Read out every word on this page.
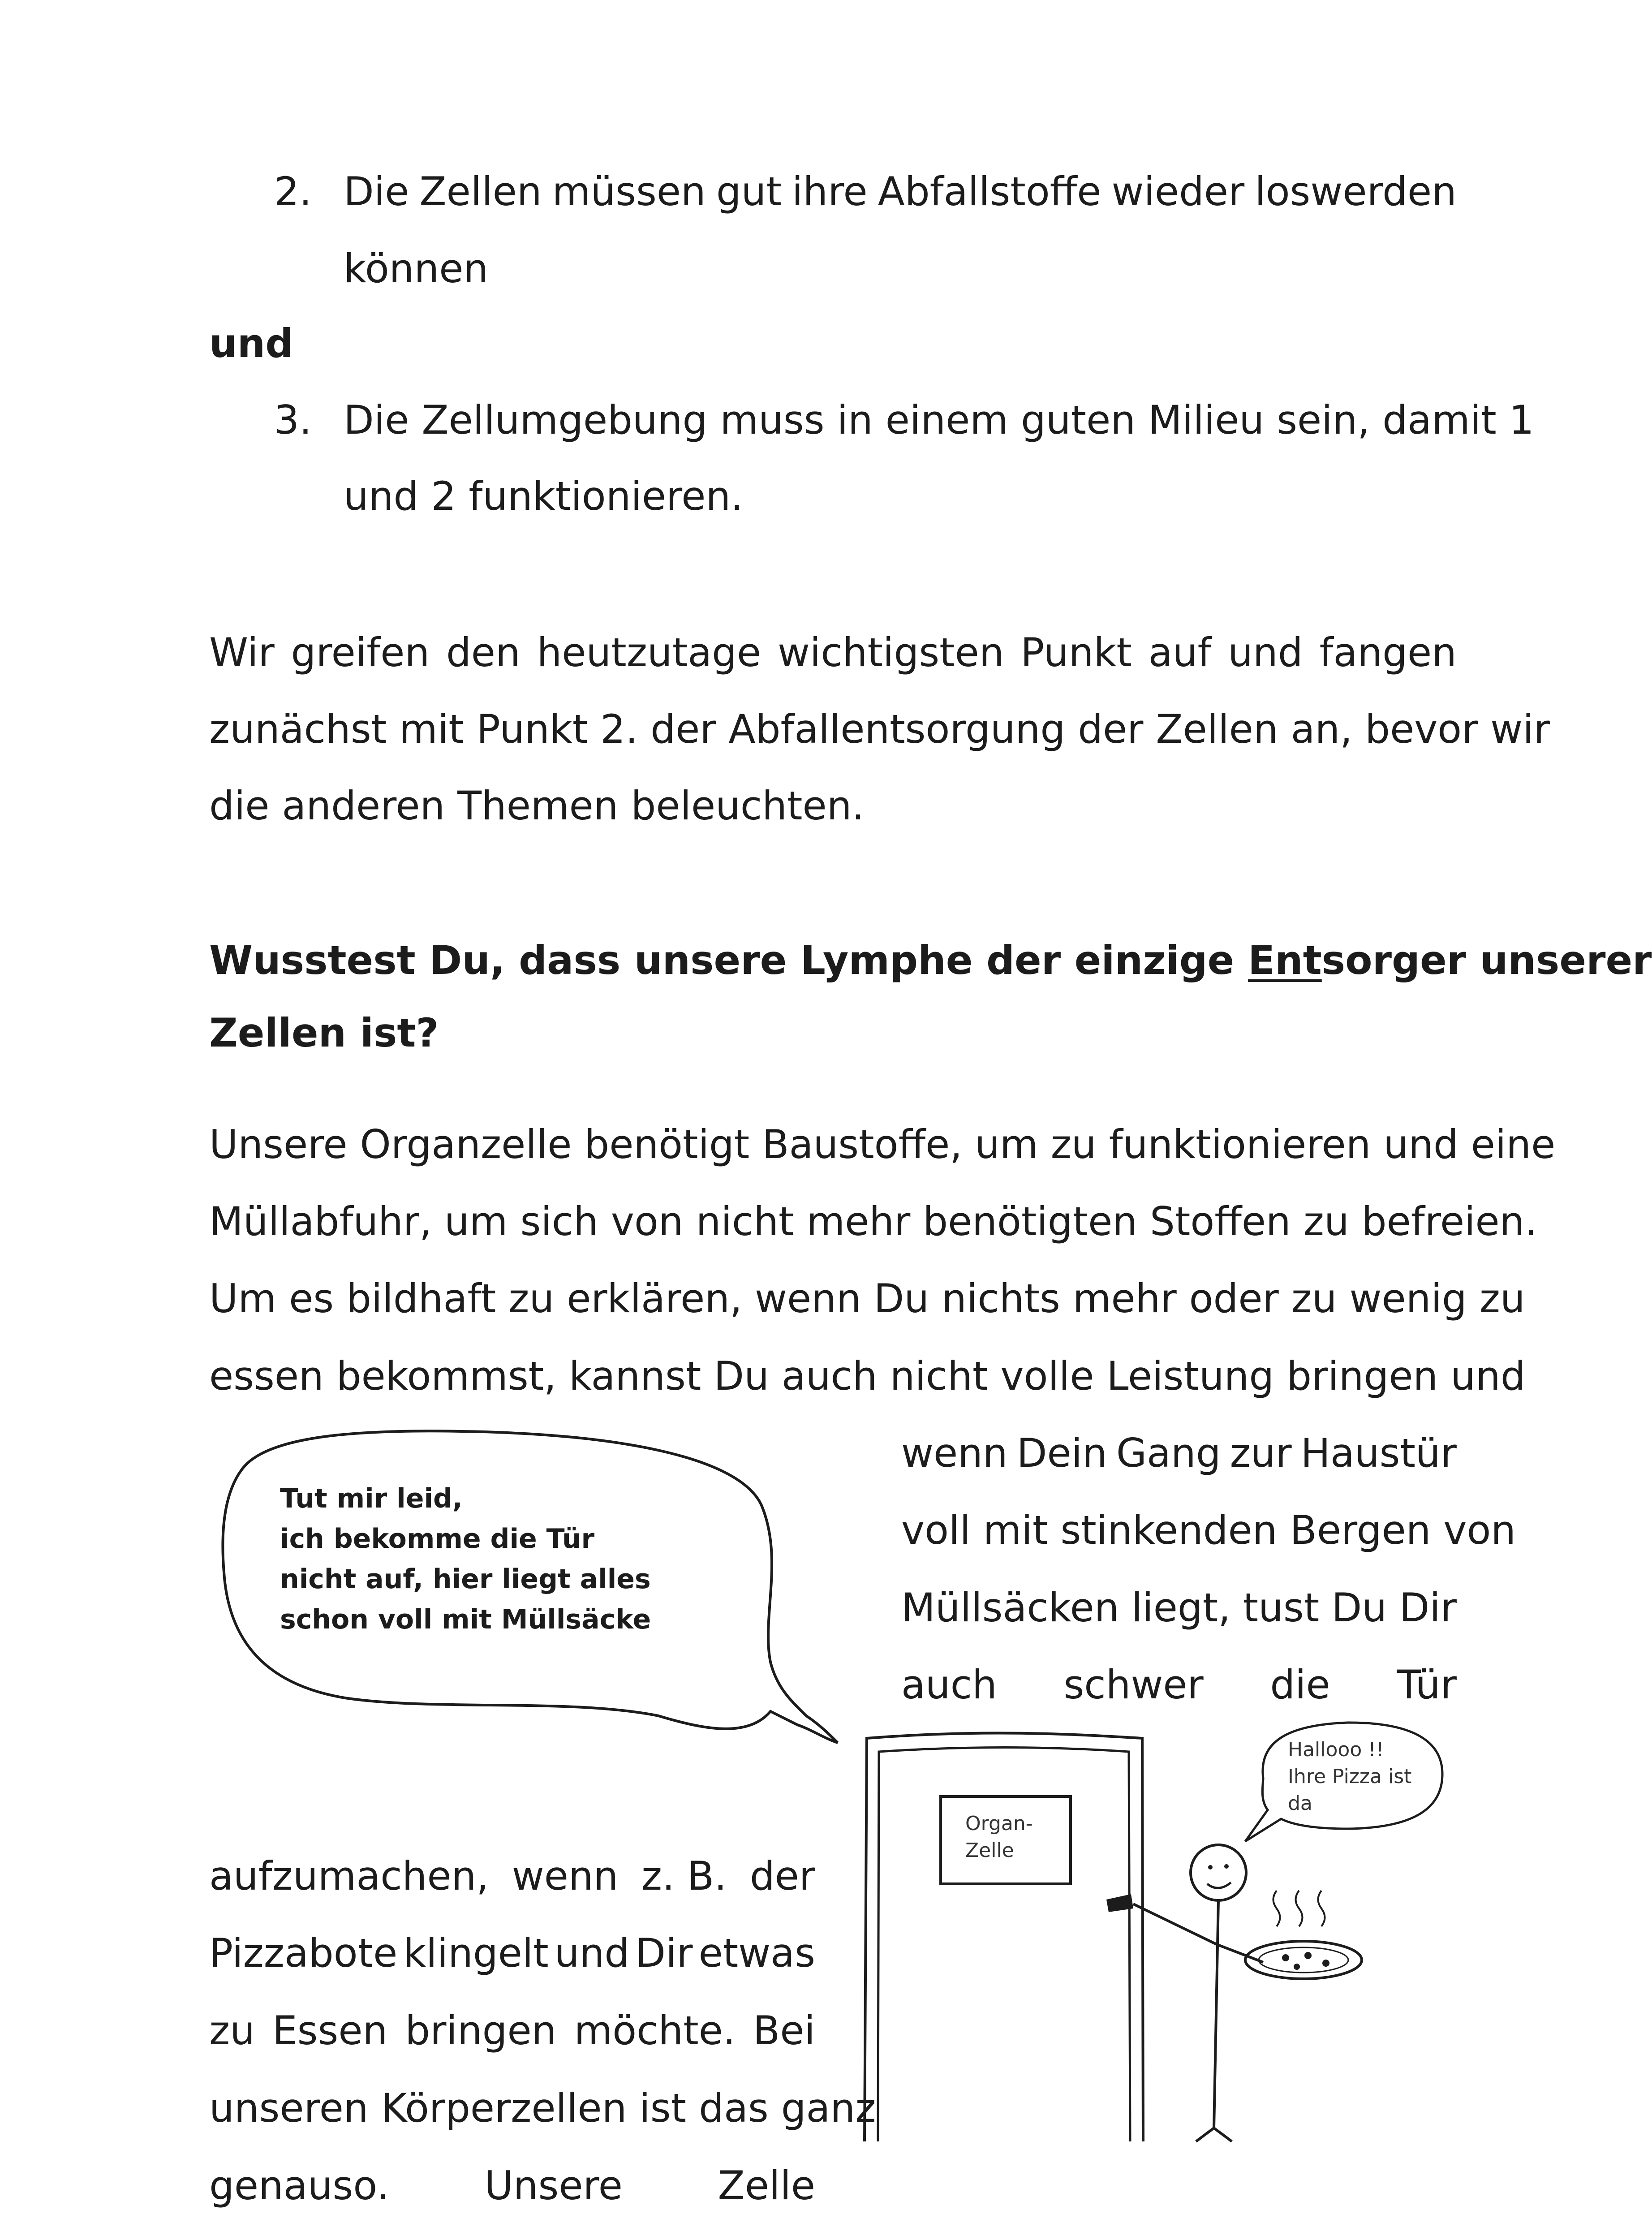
2. Die Zellen müssen gut ihre Abfallstoffe wieder loswerden

können

und

3. Die Zellumgebung muss in einem guten Milieu sein, damit 1

und 2 funktionieren.

Wir greifen den heutzutage wichtigsten Punkt auf und fangen

zunächst mit Punkt 2. der Abfallentsorgung der Zellen an, bevor wir

die anderen Themen beleuchten.

Wusstest Du, dass unsere Lymphe der einzige Entsorger unserer

Zellen ist?

Unsere Organzelle benötigt Baustoffe, um zu funktionieren und eine

Müllabfuhr, um sich von nicht mehr benötigten Stoffen zu befreien.

Um es bildhaft zu erklären, wenn Du nichts mehr oder zu wenig zu

essen bekommst, kannst Du auch nicht volle Leistung bringen und

wenn Dein Gang zur Haustür

voll mit stinkenden Bergen von

Müllsäcken liegt, tust Du Dir

auch schwer die Tür

aufzumachen, wenn z. B. der

Pizzabote klingelt und Dir etwas

zu Essen bringen möchte. Bei

unseren Körperzellen ist das ganz

genauso. Unsere Zelle

Tut mir leid,
ich bekomme die Tür
nicht auf, hier liegt alles
schon voll mit Müllsäcke
Organ-
Zelle
Hallooo !!
Ihre Pizza ist
da
